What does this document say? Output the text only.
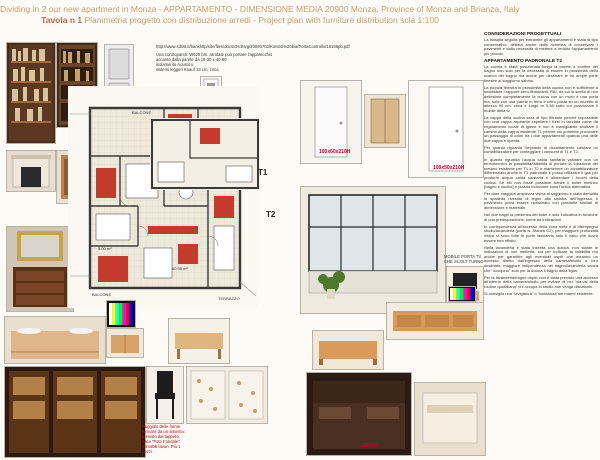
Dividing in 2 our new apartment in Monza - APPARTAMENTO - DIMENSIONE MEDIA 20900 Monza, Province of Monza and Brianza, Italy
Tavola n 1 Planimetria progetto con distribuzione arredi - Project plan with furniture distribution scla 1:100
Poggiolo delle forme fermare da un sistema: previsto dal tappeto. Jace "Foto Fondale" immobili lavori. Più 1 pezzi
150x90
http://www.sdsst.it/bankhttp/site/files/docs/cHdHvg/20080703/Kontrol%20bia/PortaControllo/16196pb.pdf
Una contropareti: W620 bm. arrotate può portare l'apparecchio
accanto dalla parete da 10-30 x 40-80
isolamento Acustico
sistemi leggeri Knauf 13 cm, circa
BALCONE
TERRAZZO
BALCONE
60.95 m²
5.00 m²
T1
T2
100x60x210H
100x50x210H
MOBILE PORTA TV CHE SCOLT TURNO
CONSIDERAZIONI PROGETTUALI

La filosofia seguita per entrambe gli appartamenti è stata di tipo conservativo, dettata anche dalla richiesta di conservare i pavimenti e dalla necessità di mettere a reddito l'appartamento più piccolo.

APPARTAMENTO PADRONALE T2

La cucina è stata posizionata lungo la parete a confine del bagno non solo per la necessità di essere in prossimità dello scarico del bagno ma anche per destinare le tre ampie porte finestre al soggiorno salotto.

La piccola finestra in prossimità della cucina non è sufficiente a soddisfare i rapporti aero-illuminanti, RAI, da cui la scelta di non delimitare completamente la cucina con un muro e una porta ma, solo con una parete in ferro e vetro posta su un muretto di altezza 90 cm. circa e lungo m 3,38 sotto cui posizionare il mobile della tv.

La cappa della cucina sarà di tipo filtrante perchè impossibile con una cappa aspirante espellere i fumi in facciata come da regolamento locale di igiene e non è consigliabile sfruttare il camino della cappa esistente T1 perchè ciò potrebbe provocare un passaggio di odori tra i due appartamenti quando una delle due cappe è spenta.

Per quanto riguarda l'impianto di riscaldamento valutare un contabilizzatore per conteggiare i consumi di T1 e T2.

In quanto riguarda l'acqua calda sanitaria valutare con un termotecnico la possibilità/fattibilità di portare la tubazione del metano esistente per T1 in T2 e mantenere un contabilizzatore differenziato anche in T1 padronale e posso utilizzare il gas per produrre acqua calda sanitaria e alimentare i fuochi della cucina. Se ciò non fosse possibile fornire il boiler elettrico (bagno e cucina) e piastra induzione sono l'unica alternativa.

Per dare maggiori ampiezza visiva al soggiorno è stata demolita la spalletta rivestita di legno alla sinistra dell'ingresso, il pavimento potrà essere ripristinato con piastrelle similari di dimensione e materiale.

Nei due bagni la presenza del bidet è solo indicativa in funzione di una predisposizione, come da indicazioni.

In corrispondenza all'accesso della zona notte e di disimpegno studio/lavanderia (porta w. Stanza C2), per maggiore profondità visiva si sono tolte le porte lasciando solo il vano che dovrà essere ben rifinito.

Nella lavanderia è stata inserita una doccia, non stante le indicazioni di non metterla, sia per indicare la fattibilità ma anche per garantire agli eventuali ospiti che avranno un accesso diretto dall'ingresso della camera/studio a loro destinata, maggiore indipendenza nel bagno/lavanderia senza che "occupino" solo per la doccia il bagno della figlia.

Per la lavanderia/bagno ospiti, non è stata previsto una accesso all'interno della camera/studio per evitare di nel "via-vai della routine quotidiana" chi occupa lo studio non venga disturbato.

Si consiglia una "levigatura" o "lucidatura"dei marmi esistente.
